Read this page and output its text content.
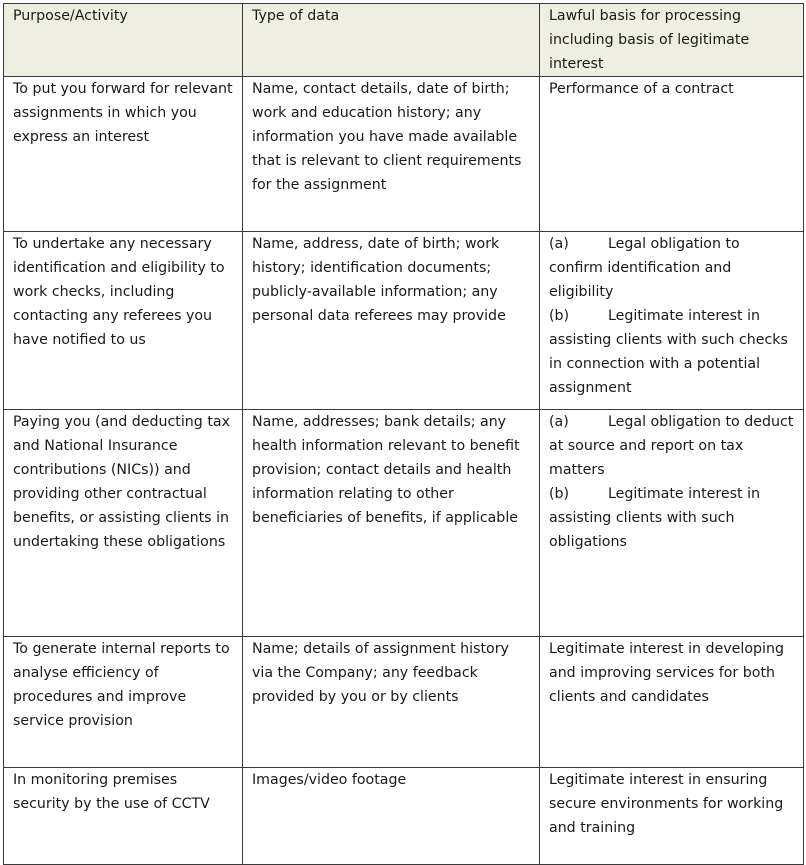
Purpose/Activity	Type of data	Lawful basis for processing including basis of legitimate interest
To put you forward for relevant assignments in which you express an interest	Name, contact details, date of birth; work and education history; any information you have made available that is relevant to client requirements for the assignment	Performance of a contract

To undertake any necessary identification and eligibility to work checks, including contacting any referees you have notified to us	Name, address, date of birth; work history; identification documents; publicly-available information; any personal data referees may provide	(a) Legal obligation to confirm identification and eligibility
(b) Legitimate interest in assisting clients with such checks in connection with a potential assignment

Paying you (and deducting tax and National Insurance contributions (NICs)) and providing other contractual benefits, or assisting clients in undertaking these obligations	Name, addresses; bank details; any health information relevant to benefit provision; contact details and health information relating to other beneficiaries of benefits, if applicable	(a) Legal obligation to deduct at source and report on tax matters
(b) Legitimate interest in assisting clients with such obligations

To generate internal reports to analyse efficiency of procedures and improve service provision	Name; details of assignment history via the Company; any feedback provided by you or by clients	Legitimate interest in developing and improving services for both clients and candidates

In monitoring premises security by the use of CCTV	Images/video footage	Legitimate interest in ensuring secure environments for working and training
